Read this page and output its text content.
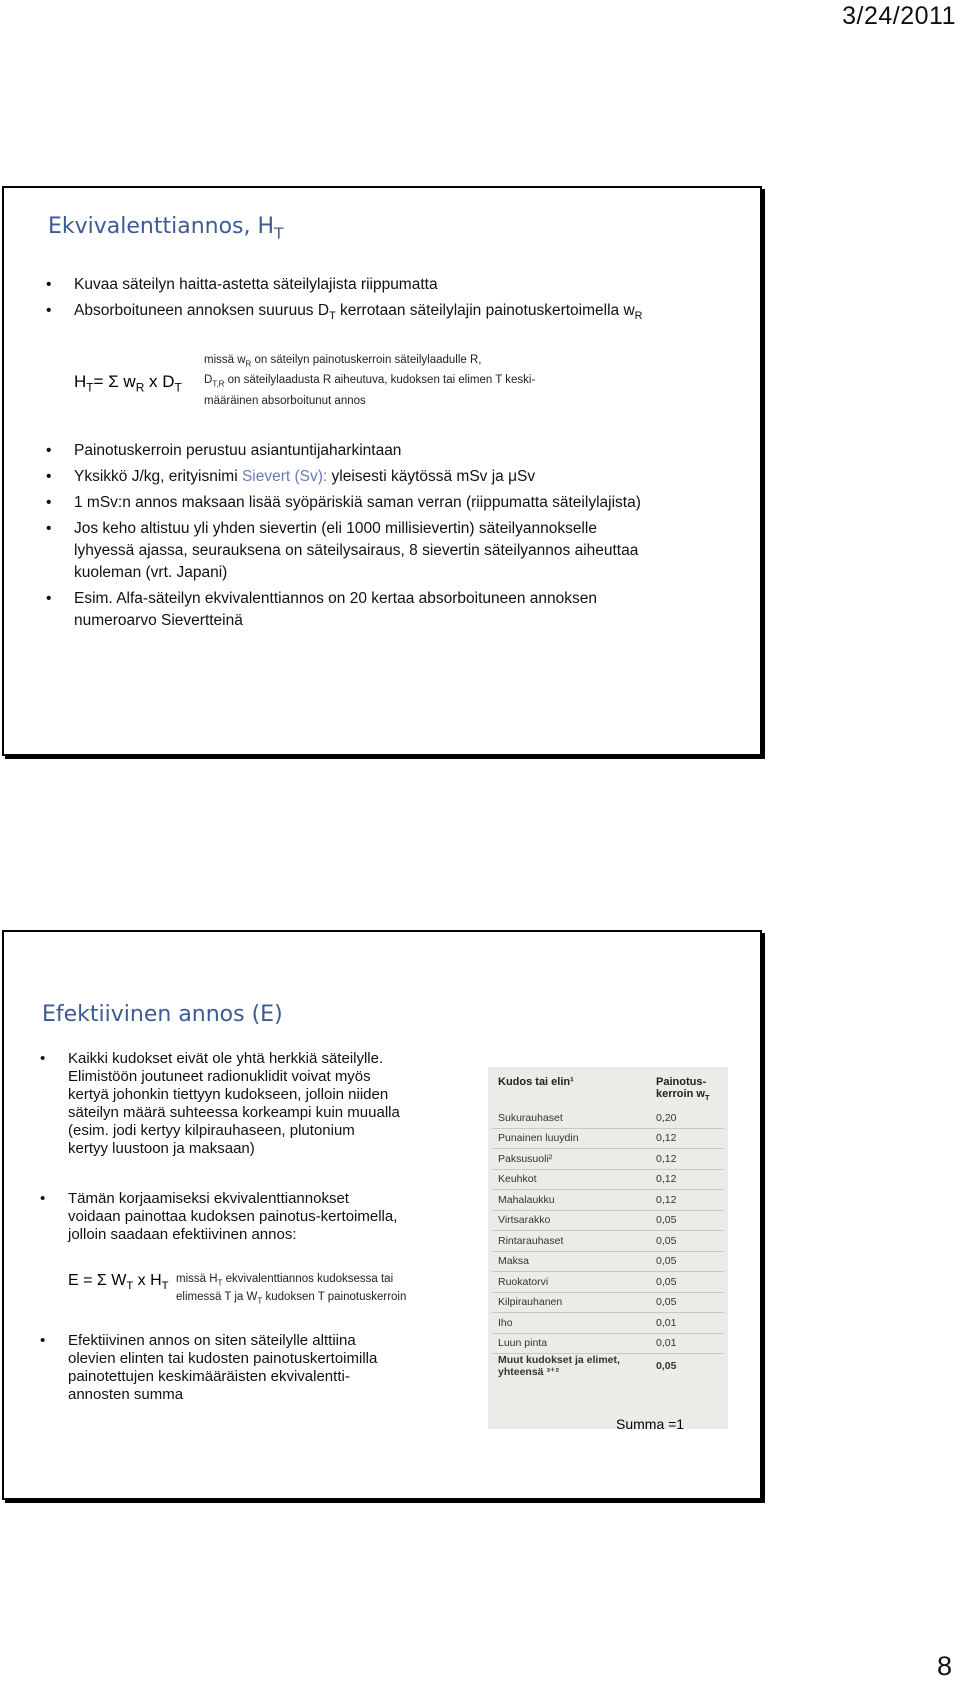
3/24/2011
Ekvivalenttiannos, $H_T$
• Kuvaa säteilyn haitta-astetta säteilylajista riippumatta
• Absorboituneen annoksen suuruus $D_T$ kerrotaan säteilylajin painotuskertoimella $w_R$
$H_T= \Sigma$ $w_R$ x $D_T$
missä $w_R$ on säteilyn painotuskerroin säteilylaadulle R,
$D_{T,R}$ on säteilylaadusta R aiheutuva, kudoksen tai elimen T keski-
määräinen absorboitunut annos
• Painotuskerroin perustuu asiantuntijaharkintaan
• Yksikkö J/kg, erityisnimi Sievert (Sv): yleisesti käytössä mSv ja μSv
• 1 mSv:n annos maksaan lisää syöpäriskiä saman verran (riippumatta säteilylajista)
• Jos keho altistuu yli yhden sievertin (eli 1000 millisievertin) säteilyannokselle
lyhyessä ajassa, seurauksena on säteilysairaus, 8 sievertin säteilyannos aiheuttaa
kuoleman (vrt. Japani)
• Esim. Alfa-säteilyn ekvivalenttiannos on 20 kertaa absorboituneen annoksen
numeroarvo Sievertteinä
Efektiivinen annos (E)
• Kaikki kudokset eivät ole yhtä herkkiä säteilylle.
Elimistöön joutuneet radionuklidit voivat myös
kertyä johonkin tiettyyn kudokseen, jolloin niiden
säteilyn määrä suhteessa korkeampi kuin muualla
(esim. jodi kertyy kilpirauhaseen, plutonium
kertyy luustoon ja maksaan)
• Tämän korjaamiseksi ekvivalenttiannokset
voidaan painottaa kudoksen painotus-kertoimella,
jolloin saadaan efektiivinen annos:
E = Σ $W_T$ x $H_T$
missä $H_T$ ekvivalenttiannos kudoksessa tai
elimessä T ja $W_T$ kudoksen T painotuskerroin
• Efektiivinen annos on siten säteilylle alttiina
olevien elinten tai kudosten painotuskertoimilla
painotettujen keskimääräisten ekvivalentti-
annosten summa
Kudos tai elin¹	Painotus-
kerroin $w_T$

Sukurauhaset	0,20
Punainen luuydin	0,12
Paksusuoli²	0,12
Keuhkot	0,12
Mahalaukku	0,12
Virtsarakko	0,05
Rintarauhaset	0,05
Maksa	0,05
Ruokatorvi	0,05
Kilpirauhanen	0,05
Iho	0,01
Luun pinta	0,01
Muut kudokset ja elimet, yhteensä ³⁺²	0,05
Summa =1
8
